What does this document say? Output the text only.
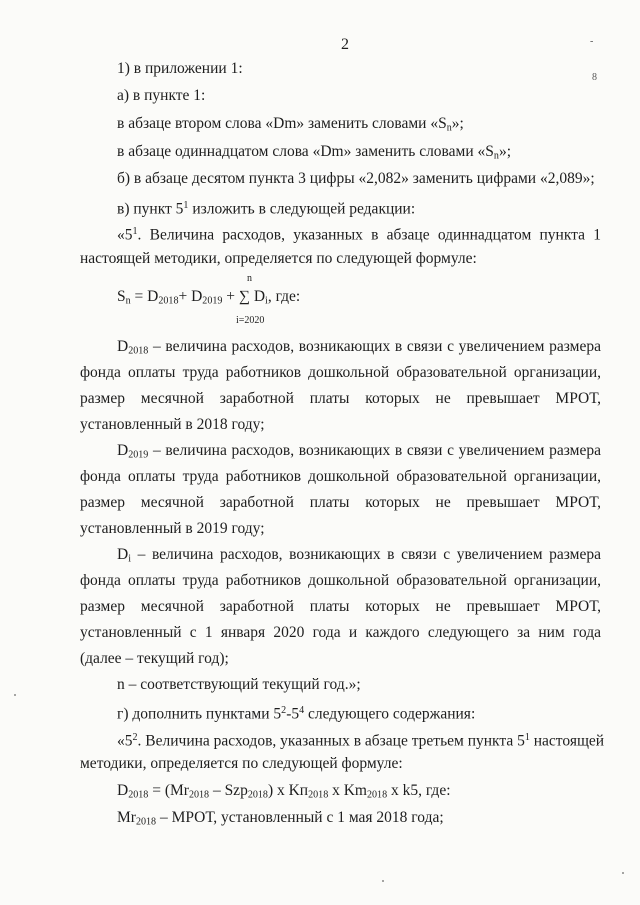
2	-
8
1) в приложении 1:
а) в пункте 1:
в абзаце втором слова «Dm» заменить словами «$S_n$»;
в абзаце одиннадцатом слова «Dm» заменить словами «$S_n$»;
б) в абзаце десятом пункта 3 цифры «2,082» заменить цифрами «2,089»;
в) пункт $5^1$ изложить в следующей редакции:
«$5^1$. Величина расходов, указанных в абзаце одиннадцатом пункта 1
настоящей методики, определяется по следующей формуле:
n
$S_n = D_{2018}+ D_{2019}$ + ∑ $D_i$, где:
i=2020
$D_{2018}$ – величина расходов, возникающих в связи с увеличением размера
фонда оплаты труда работников дошкольной образовательной организации,
размер месячной заработной платы которых не превышает МРОТ,
установленный в 2018 году;
$D_{2019}$ – величина расходов, возникающих в связи с увеличением размера
фонда оплаты труда работников дошкольной образовательной организации,
размер месячной заработной платы которых не превышает МРОТ,
установленный в 2019 году;
$D_i$ – величина расходов, возникающих в связи с увеличением размера
фонда оплаты труда работников дошкольной образовательной организации,
размер месячной заработной платы которых не превышает МРОТ,
установленный с 1 января 2020 года и каждого следующего за ним года
(далее – текущий год);
n – соответствующий текущий год.»;
г) дополнить пунктами $5^2-5^4$ следующего содержания:
«$5^2$. Величина расходов, указанных в абзаце третьем пункта $5^1$ настоящей
методики, определяется по следующей формуле:
$D_{2018} = (Mr_{2018} - Szp_{2018})$ x $Kп_{2018}$ x $Km_{2018}$ x k5, где:
$Mr_{2018}$ – МРОТ, установленный с 1 мая 2018 года;
